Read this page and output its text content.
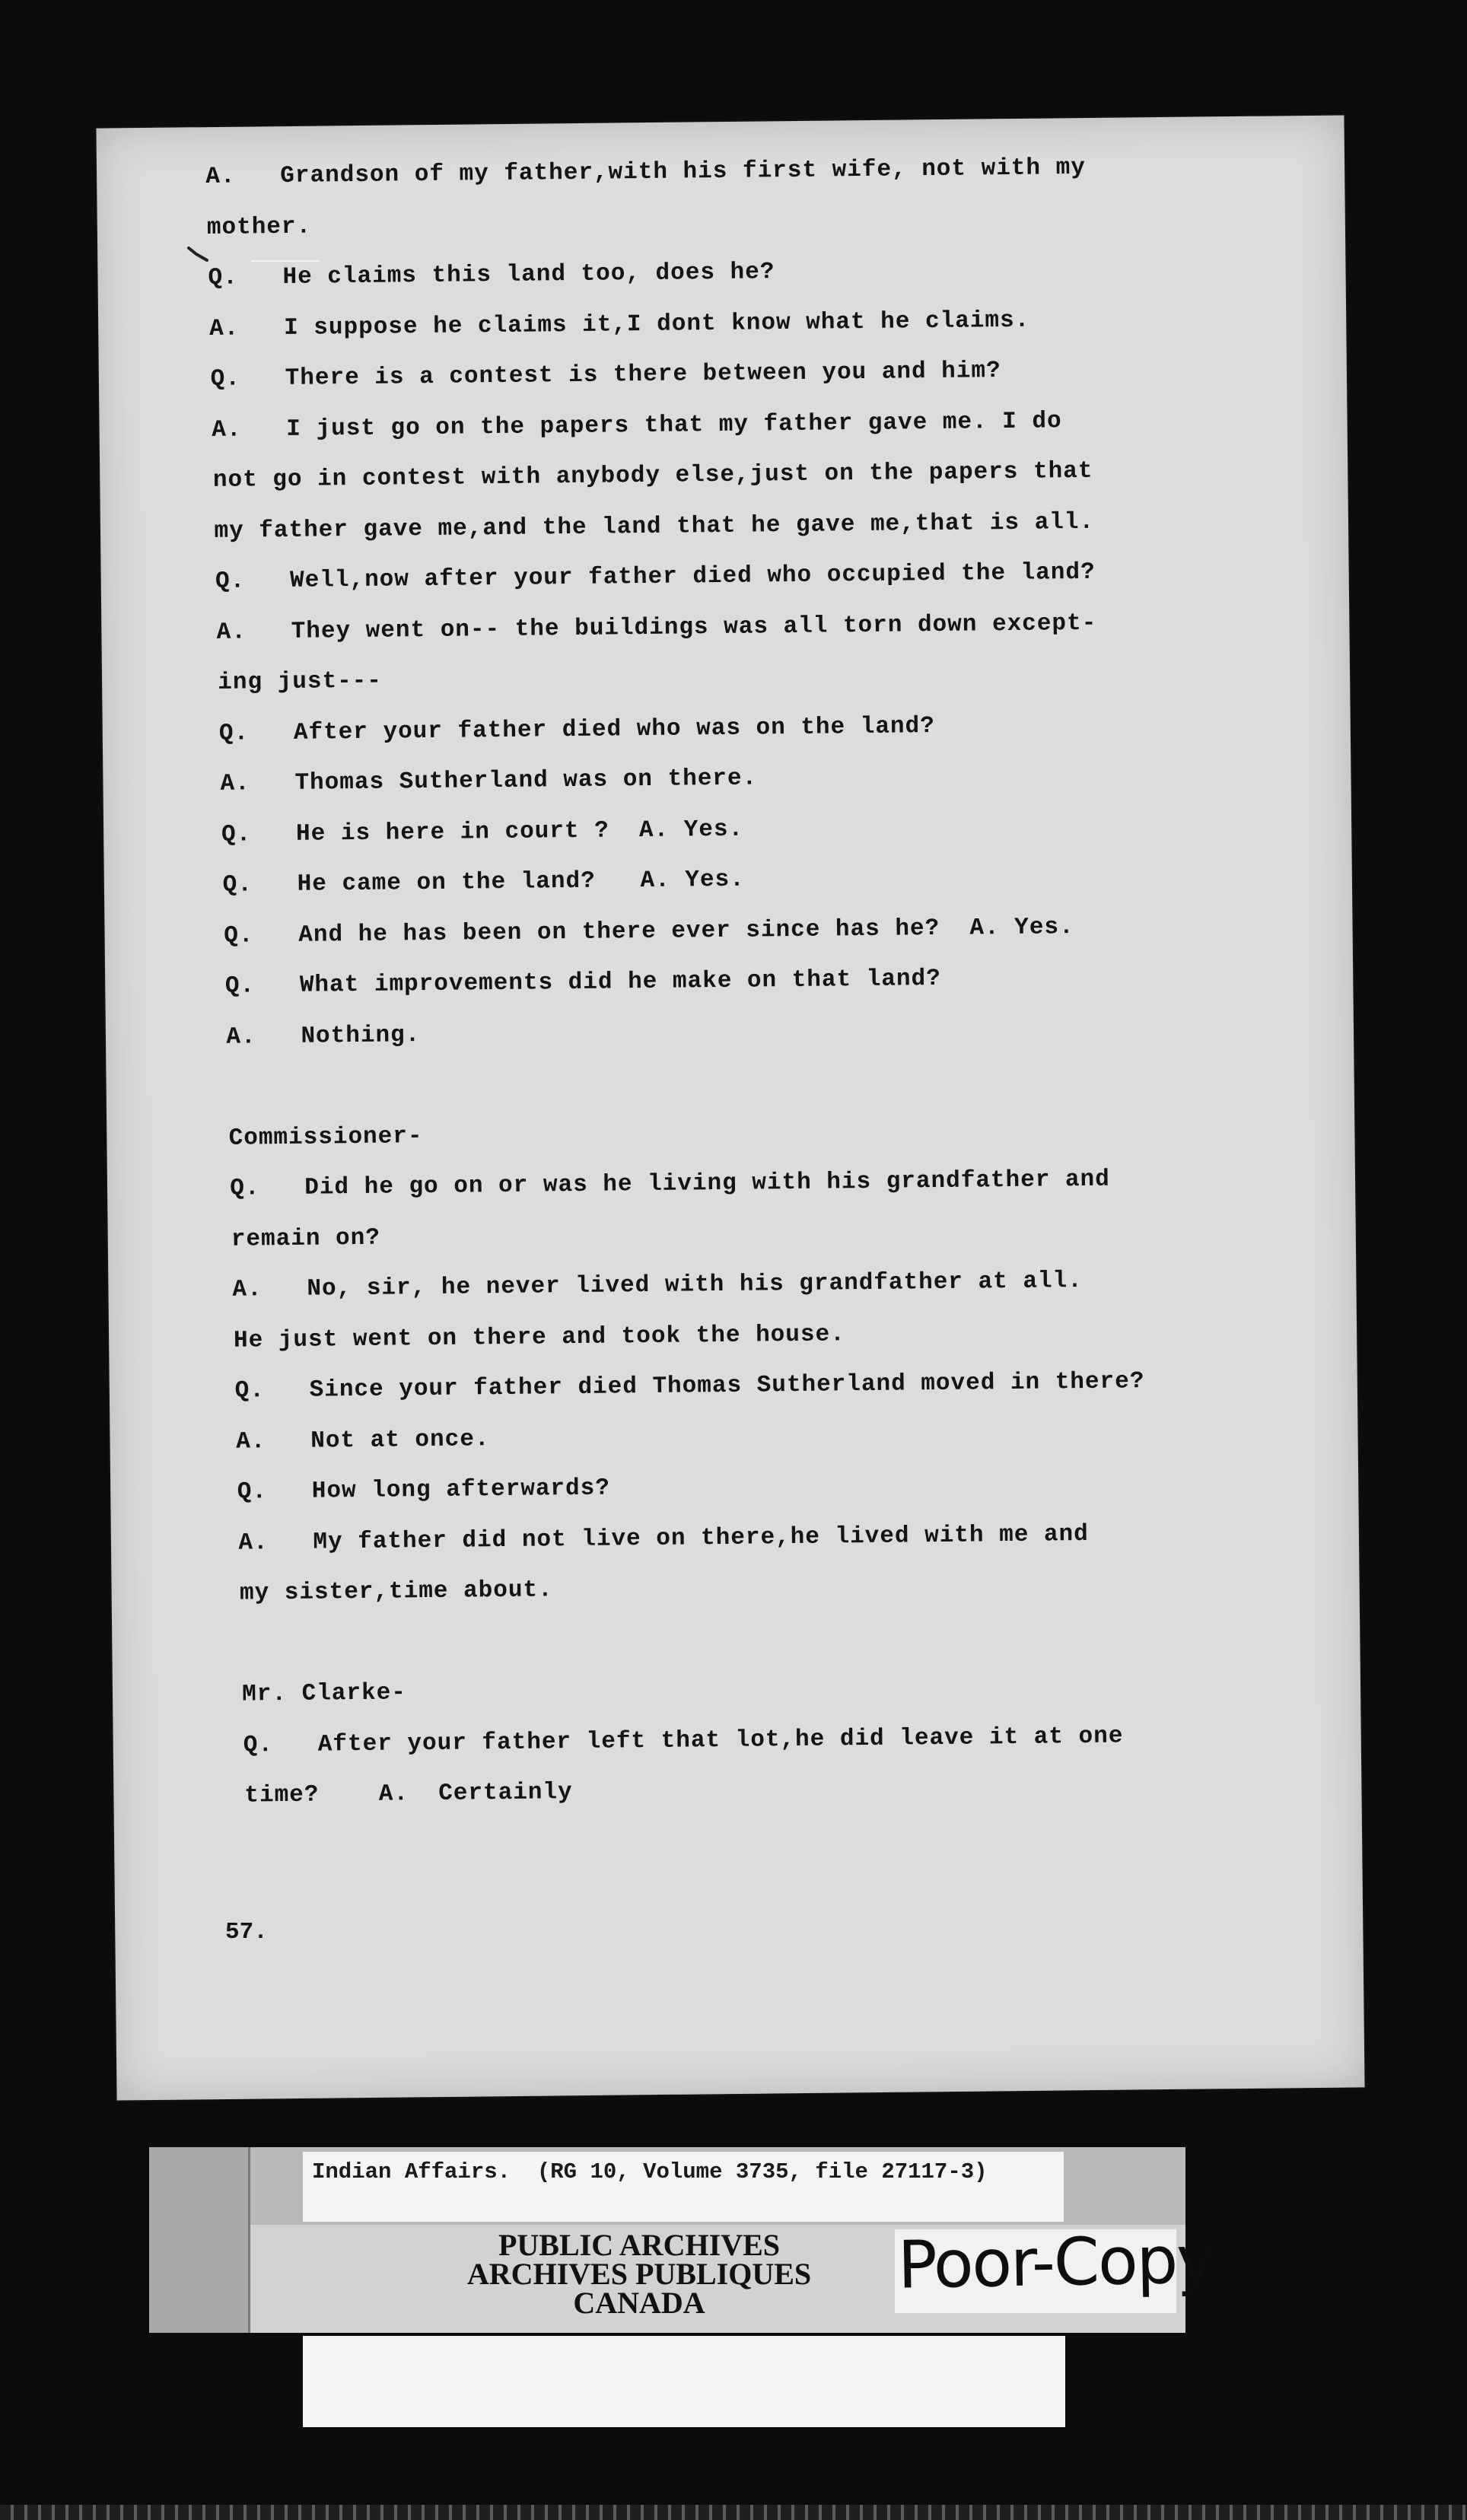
A.   Grandson of my father,with his first wife, not with my
mother.
Q.   He claims this land too, does he?
A.   I suppose he claims it,I dont know what he claims.
Q.   There is a contest is there between you and him?
A.   I just go on the papers that my father gave me. I do
not go in contest with anybody else,just on the papers that
my father gave me,and the land that he gave me,that is all.
Q.   Well,now after your father died who occupied the land?
A.   They went on-- the buildings was all torn down except-
ing just---
Q.   After your father died who was on the land?
A.   Thomas Sutherland was on there.
Q.   He is here in court ?  A. Yes.
Q.   He came on the land?   A. Yes.
Q.   And he has been on there ever since has he?  A. Yes.
Q.   What improvements did he make on that land?
A.   Nothing.
Commissioner-
Q.   Did he go on or was he living with his grandfather and
remain on?
A.   No, sir, he never lived with his grandfather at all.
He just went on there and took the house.
Q.   Since your father died Thomas Sutherland moved in there?
A.   Not at once.
Q.   How long afterwards?
A.   My father did not live on there,he lived with me and
my sister,time about.
Mr. Clarke-
Q.   After your father left that lot,he did leave it at one
time?    A.  Certainly
57.
Indian Affairs.  (RG 10, Volume 3735, file 27117-3)
PUBLIC ARCHIVES
ARCHIVES PUBLIQUES
CANADA	Poor-Copy
